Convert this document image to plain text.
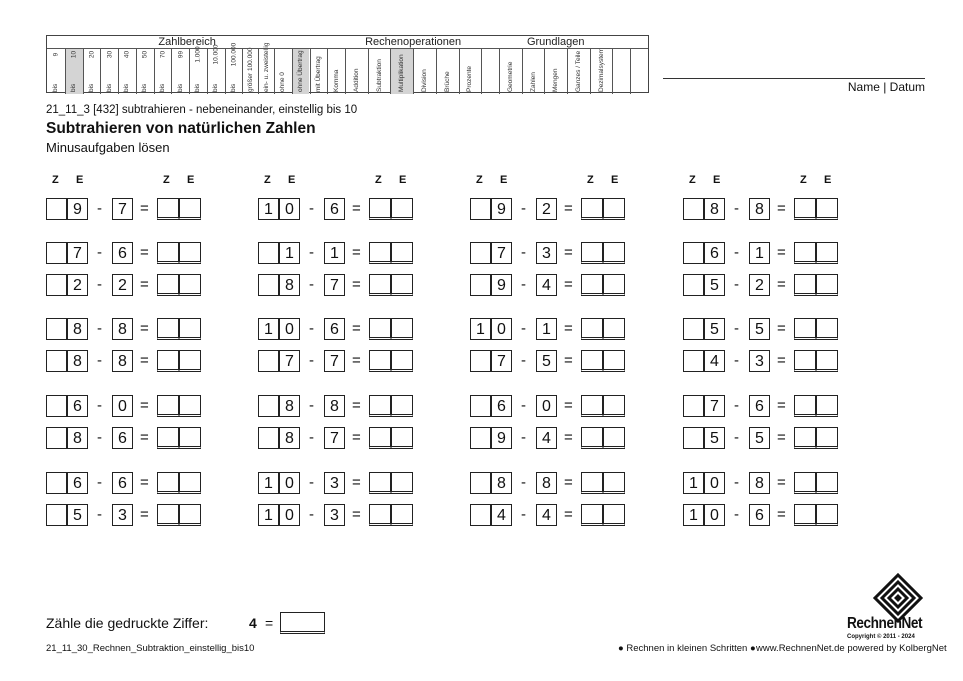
9
bis
10
bis
20
bis
30
bis
40
bis
50
bis
70
bis
99
bis
1.000
bis
10.000
bis
100.000
bis größer 100.000 ein- u. zweistellig ohne 0 ohne Übertrag mit Übertrag Komma Addition Subtraktion Multiplikation Division Brüche Prozente	Geometrie Zahlen Mengen Ganzes / Teile Dezimalsystem
Zahlbereich	Rechenoperationen	Grundlagen
Name | Datum
21_11_3 [432] subtrahieren - nebeneinander, einstellig bis 10
Subtrahieren von natürlichen Zahlen
Minusaufgaben lösen
Z E	Z E
9	-	7 =
7	-	6 =
2	-	2 =
8	-	8 =
8	-	8 =
6	-	0 =
8	-	6 =
6	-	6 =
5	-	3 =
Z E	Z E
1 0	-	6 =
1	-	1 =
8	-	7 =
1 0	-	6 =
7	-	7 =
8	-	8 =
8	-	7 =
1 0	-	3 =
1 0	-	3 =
Z E	Z E
9	-	2 =
7	-	3 =
9	-	4 =
1 0	-	1 =
7	-	5 =
6	-	0 =
9	-	4 =
8	-	8 =
4	-	4 =
Z E	Z E
8	-	8 =
6	-	1 =
5	-	2 =
5	-	5 =
4	-	3 =
7	-	6 =
5	-	5 =
1 0	-	8 =
1 0	-	6 =
Zähle die gedruckte Ziffer:	4 =
21_11_30_Rechnen_Subtraktion_einstellig_bis10	● Rechnen in kleinen Schritten ● www.RechnenNet.de powered by KolbergNet
RechnenNet
Copyright © 2011 - 2024
